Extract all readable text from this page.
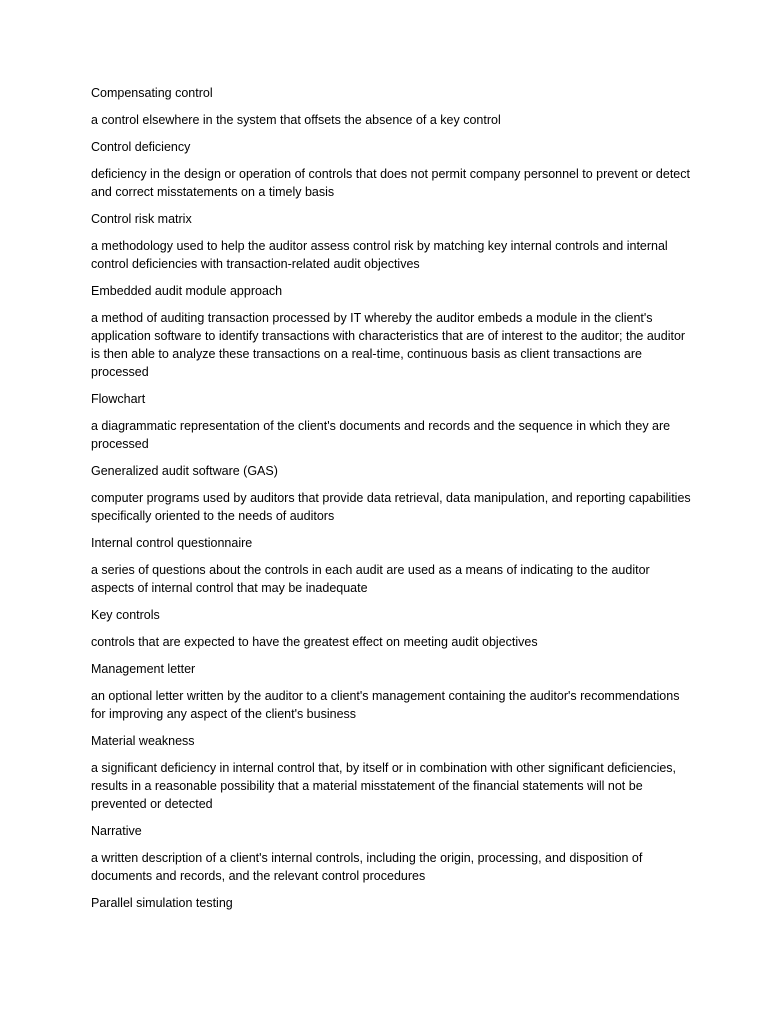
Compensating control

a control elsewhere in the system that offsets the absence of a key control

Control deficiency

deficiency in the design or operation of controls that does not permit company personnel to prevent or detect and correct misstatements on a timely basis

Control risk matrix

a methodology used to help the auditor assess control risk by matching key internal controls and internal control deficiencies with transaction-related audit objectives

Embedded audit module approach

a method of auditing transaction processed by IT whereby the auditor embeds a module in the client's application software to identify transactions with characteristics that are of interest to the auditor; the auditor is then able to analyze these transactions on a real-time, continuous basis as client transactions are processed

Flowchart

a diagrammatic representation of the client's documents and records and the sequence in which they are processed

Generalized audit software (GAS)

computer programs used by auditors that provide data retrieval, data manipulation, and reporting capabilities specifically oriented to the needs of auditors

Internal control questionnaire

a series of questions about the controls in each audit are used as a means of indicating to the auditor aspects of internal control that may be inadequate

Key controls

controls that are expected to have the greatest effect on meeting audit objectives

Management letter

an optional letter written by the auditor to a client's management containing the auditor's recommendations for improving any aspect of the client's business

Material weakness

a significant deficiency in internal control that, by itself or in combination with other significant deficiencies, results in a reasonable possibility that a material misstatement of the financial statements will not be prevented or detected

Narrative

a written description of a client's internal controls, including the origin, processing, and disposition of documents and records, and the relevant control procedures

Parallel simulation testing
